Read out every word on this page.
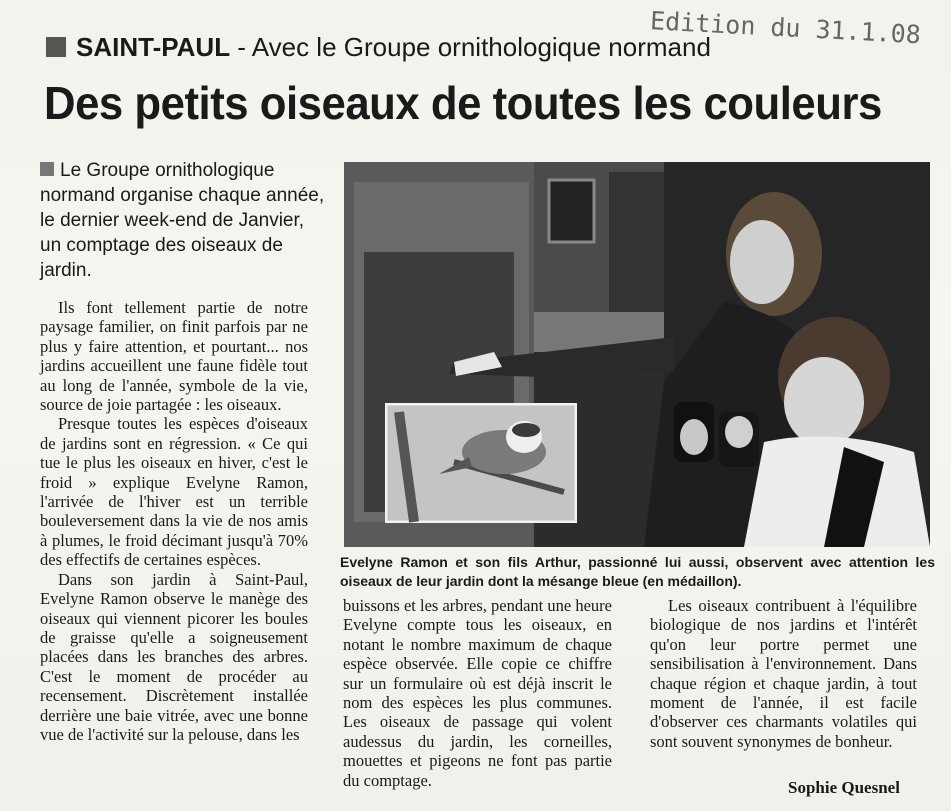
Edition du 31.1.08
SAINT-PAUL - Avec le Groupe ornithologique normand
Des petits oiseaux de toutes les couleurs
Le Groupe ornithologique normand organise chaque année, le dernier week-end de Janvier, un comptage des oiseaux de jardin.

Ils font tellement partie de notre paysage familier, on finit parfois par ne plus y faire attention, et pourtant... nos jardins accueillent une faune fidèle tout au long de l'année, symbole de la vie, source de joie partagée : les oiseaux.

Presque toutes les espèces d'oiseaux de jardins sont en régression. « Ce qui tue le plus les oiseaux en hiver, c'est le froid » explique Evelyne Ramon, l'arrivée de l'hiver est un terrible bouleversement dans la vie de nos amis à plumes, le froid décimant jusqu'à 70% des effectifs de certaines espèces.

Dans son jardin à Saint-Paul, Evelyne Ramon observe le manège des oiseaux qui viennent picorer les boules de graisse qu'elle a soigneusement placées dans les branches des arbres. C'est le moment de procéder au recensement. Discrètement installée derrière une baie vitrée, avec une bonne vue de l'activité sur la pelouse, dans les

Evelyne Ramon et son fils Arthur, passionné lui aussi, observent avec attention les oiseaux de leur jardin dont la mésange bleue (en médaillon).

buissons et les arbres, pendant une heure Evelyne compte tous les oiseaux, en notant le nombre maximum de chaque espèce observée. Elle copie ce chiffre sur un formulaire où est déjà inscrit le nom des espèces les plus communes. Les oiseaux de passage qui volent audessus du jardin, les corneilles, mouettes et pigeons ne font pas partie du comptage.

Les oiseaux contribuent à l'équilibre biologique de nos jardins et l'intérêt qu'on leur portre permet une sensibilisation à l'environnement. Dans chaque région et chaque jardin, à tout moment de l'année, il est facile d'observer ces charmants volatiles qui sont souvent synonymes de bonheur.

Sophie Quesnel
